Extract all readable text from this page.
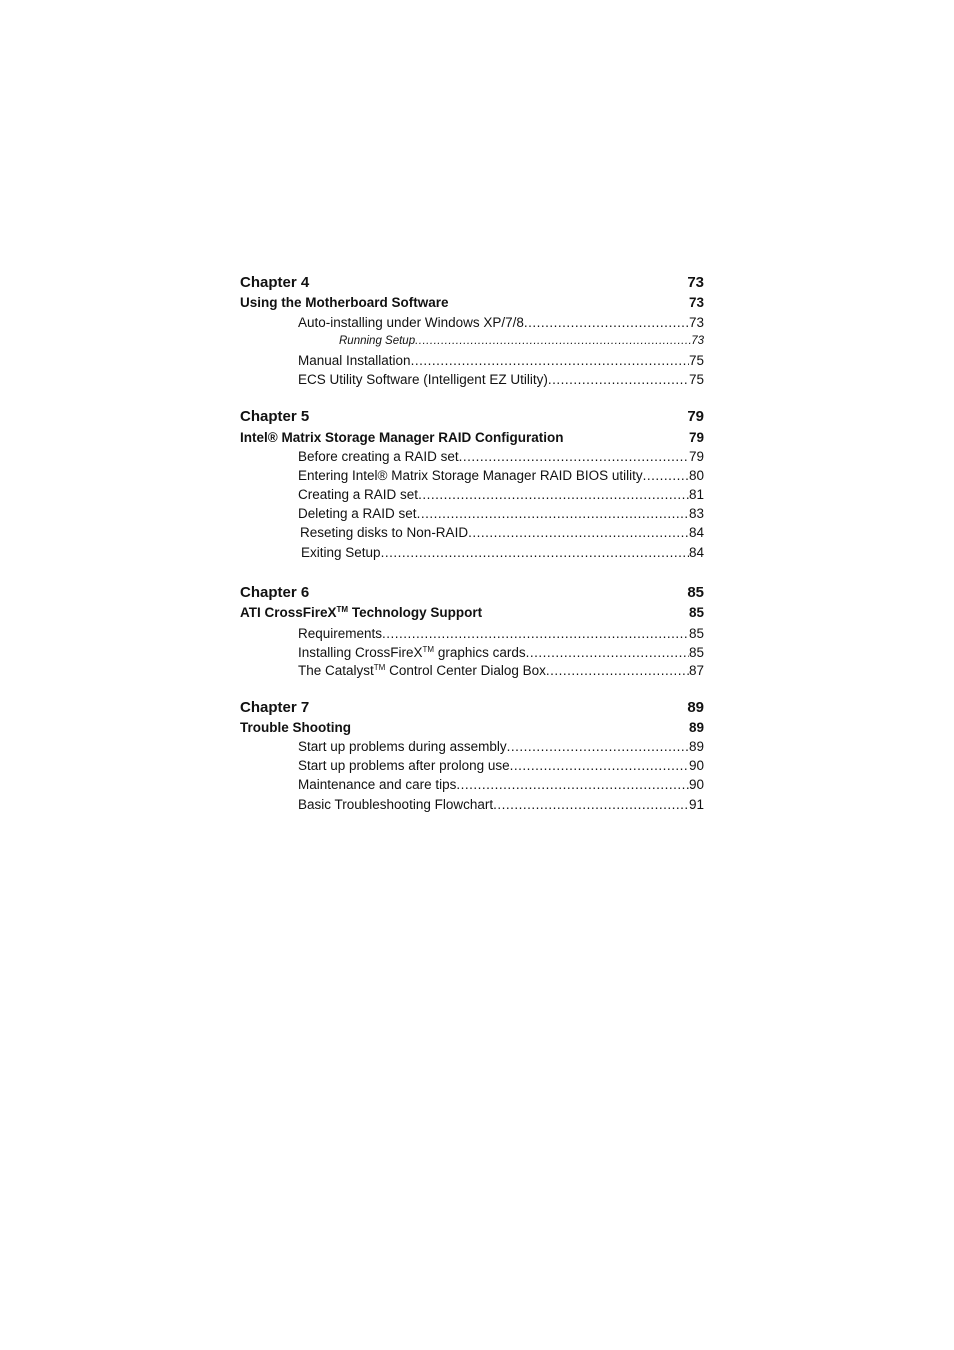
Chapter 4	73
Using the Motherboard Software	73
Auto-installing under Windows XP/7/8 .....	73
Running Setup .....	73
Manual Installation .....	75
ECS Utility Software (Intelligent EZ Utility) .....	75
Chapter 5	79
Intel® Matrix Storage Manager RAID Configuration	79
Before creating a RAID set .....	79
Entering Intel® Matrix Storage Manager RAID BIOS utility .....	80
Creating a RAID set .....	81
Deleting a RAID set .....	83
Reseting disks to Non-RAID .....	84
Exiting Setup .....	84
Chapter 6	85
ATI CrossFireX™ Technology Support	85
Requirements .....	85
Installing CrossFireX™ graphics cards .....	85
The Catalyst™ Control Center Dialog Box .....	87
Chapter 7	89
Trouble Shooting	89
Start up problems during assembly .....	89
Start up problems after prolong use .....	90
Maintenance and care tips .....	90
Basic Troubleshooting Flowchart .....	91
